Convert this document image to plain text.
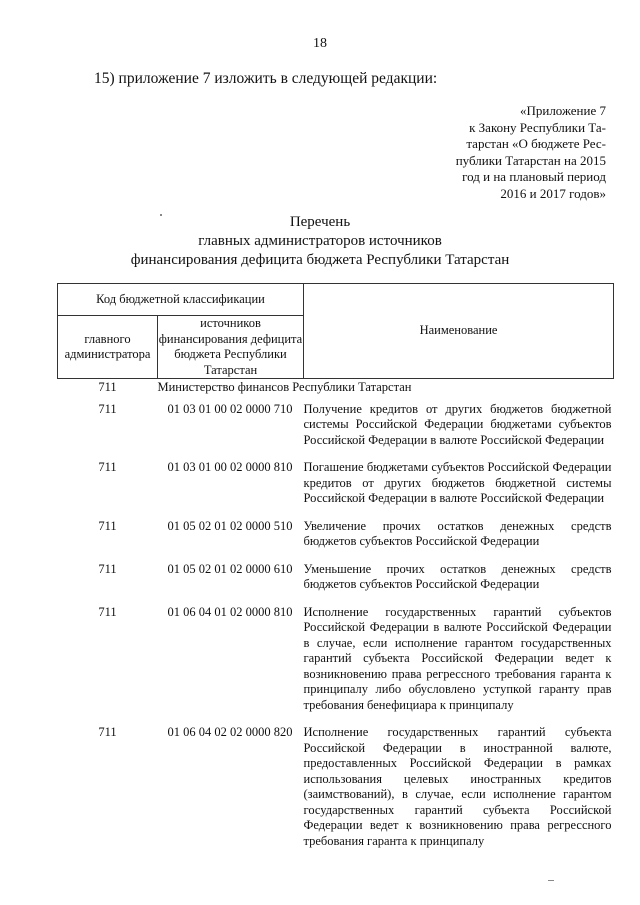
18
15) приложение 7 изложить в следующей редакции:
«Приложение 7
к Закону Республики Та-
тарстан «О бюджете Рес-
публики Татарстан на 2015
год и на плановый период
2016 и 2017 годов»
Перечень
главных администраторов источников
финансирования дефицита бюджета Республики Татарстан
Код бюджетной классификации		Наименование
главного администратора	источников финансирования дефицита бюджета Республики Татарстан	
711	Министерство финансов Республики Татарстан	
711	01 03 01 00 02 0000 710	Получение кредитов от других бюджетов бюджетной системы Российской Федерации бюджетами субъектов Российской Федерации в валюте Российской Федерации
711	01 03 01 00 02 0000 810	Погашение бюджетами субъектов Российской Федерации кредитов от других бюджетов бюджетной системы Российской Федерации в валюте Российской Федерации
711	01 05 02 01 02 0000 510	Увеличение прочих остатков денежных средств бюджетов субъектов Российской Федерации
711	01 05 02 01 02 0000 610	Уменьшение прочих остатков денежных средств бюджетов субъектов Российской Федерации
711	01 06 04 01 02 0000 810	Исполнение государственных гарантий субъектов Российской Федерации в валюте Российской Федерации в случае, если исполнение гарантом государственных гарантий субъекта Российской Федерации ведет к возникновению права регрессного требования гаранта к принципалу либо обусловлено уступкой гаранту прав требования бенефициара к принципалу
711	01 06 04 02 02 0000 820	Исполнение государственных гарантий субъекта Российской Федерации в иностранной валюте, предоставленных Российской Федерации в рамках использования целевых иностранных кредитов (заимствований), в случае, если исполнение гарантом государственных гарантий субъекта Российской Федерации ведет к возникновению права регрессного требования гаранта к принципалу
